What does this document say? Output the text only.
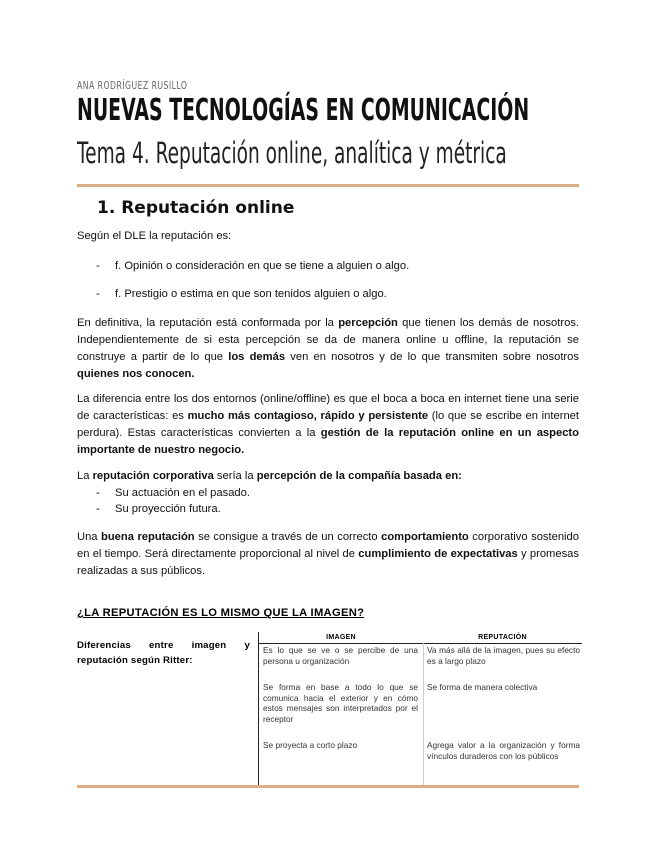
ANA RODRÍGUEZ RUSILLO
NUEVAS TECNOLOGÍAS EN COMUNICACIÓN
Tema 4. Reputación online, analítica y métrica
1. Reputación online

Según el DLE la reputación es:

- f. Opinión o consideración en que se tiene a alguien o algo.
- f. Prestigio o estima en que son tenidos alguien o algo.

En definitiva, la reputación está conformada por la percepción que tienen los demás de nosotros. Independientemente de si esta percepción se da de manera online u offline, la reputación se construye a partir de lo que los demás ven en nosotros y de lo que transmiten sobre nosotros quienes nos conocen.

La diferencia entre los dos entornos (online/offline) es que el boca a boca en internet tiene una serie de características: es mucho más contagioso, rápido y persistente (lo que se escribe en internet perdura). Estas características convierten a la gestión de la reputación online en un aspecto importante de nuestro negocio.

La reputación corporativa sería la percepción de la compañía basada en:

- Su actuación en el pasado.
- Su proyección futura.

Una buena reputación se consigue a través de un correcto comportamiento corporativo sostenido en el tiempo. Será directamente proporcional al nivel de cumplimiento de expectativas y promesas realizadas a sus públicos.

¿LA REPUTACIÓN ES LO MISMO QUE LA IMAGEN?

Diferencias entre imagen y reputación según Ritter:

IMAGEN	REPUTACIÓN
Es lo que se ve o se percibe de una persona u organización
Va más allá de la imagen, pues su efecto es a largo plazo
Se forma en base a todo lo que se comunica hacia el exterior y en cómo estos mensajes son interpretados por el receptor
Se forma de manera colectiva
Se proyecta a corto plazo	Agrega valor a la organización y forma vínculos duraderos con los públicos
